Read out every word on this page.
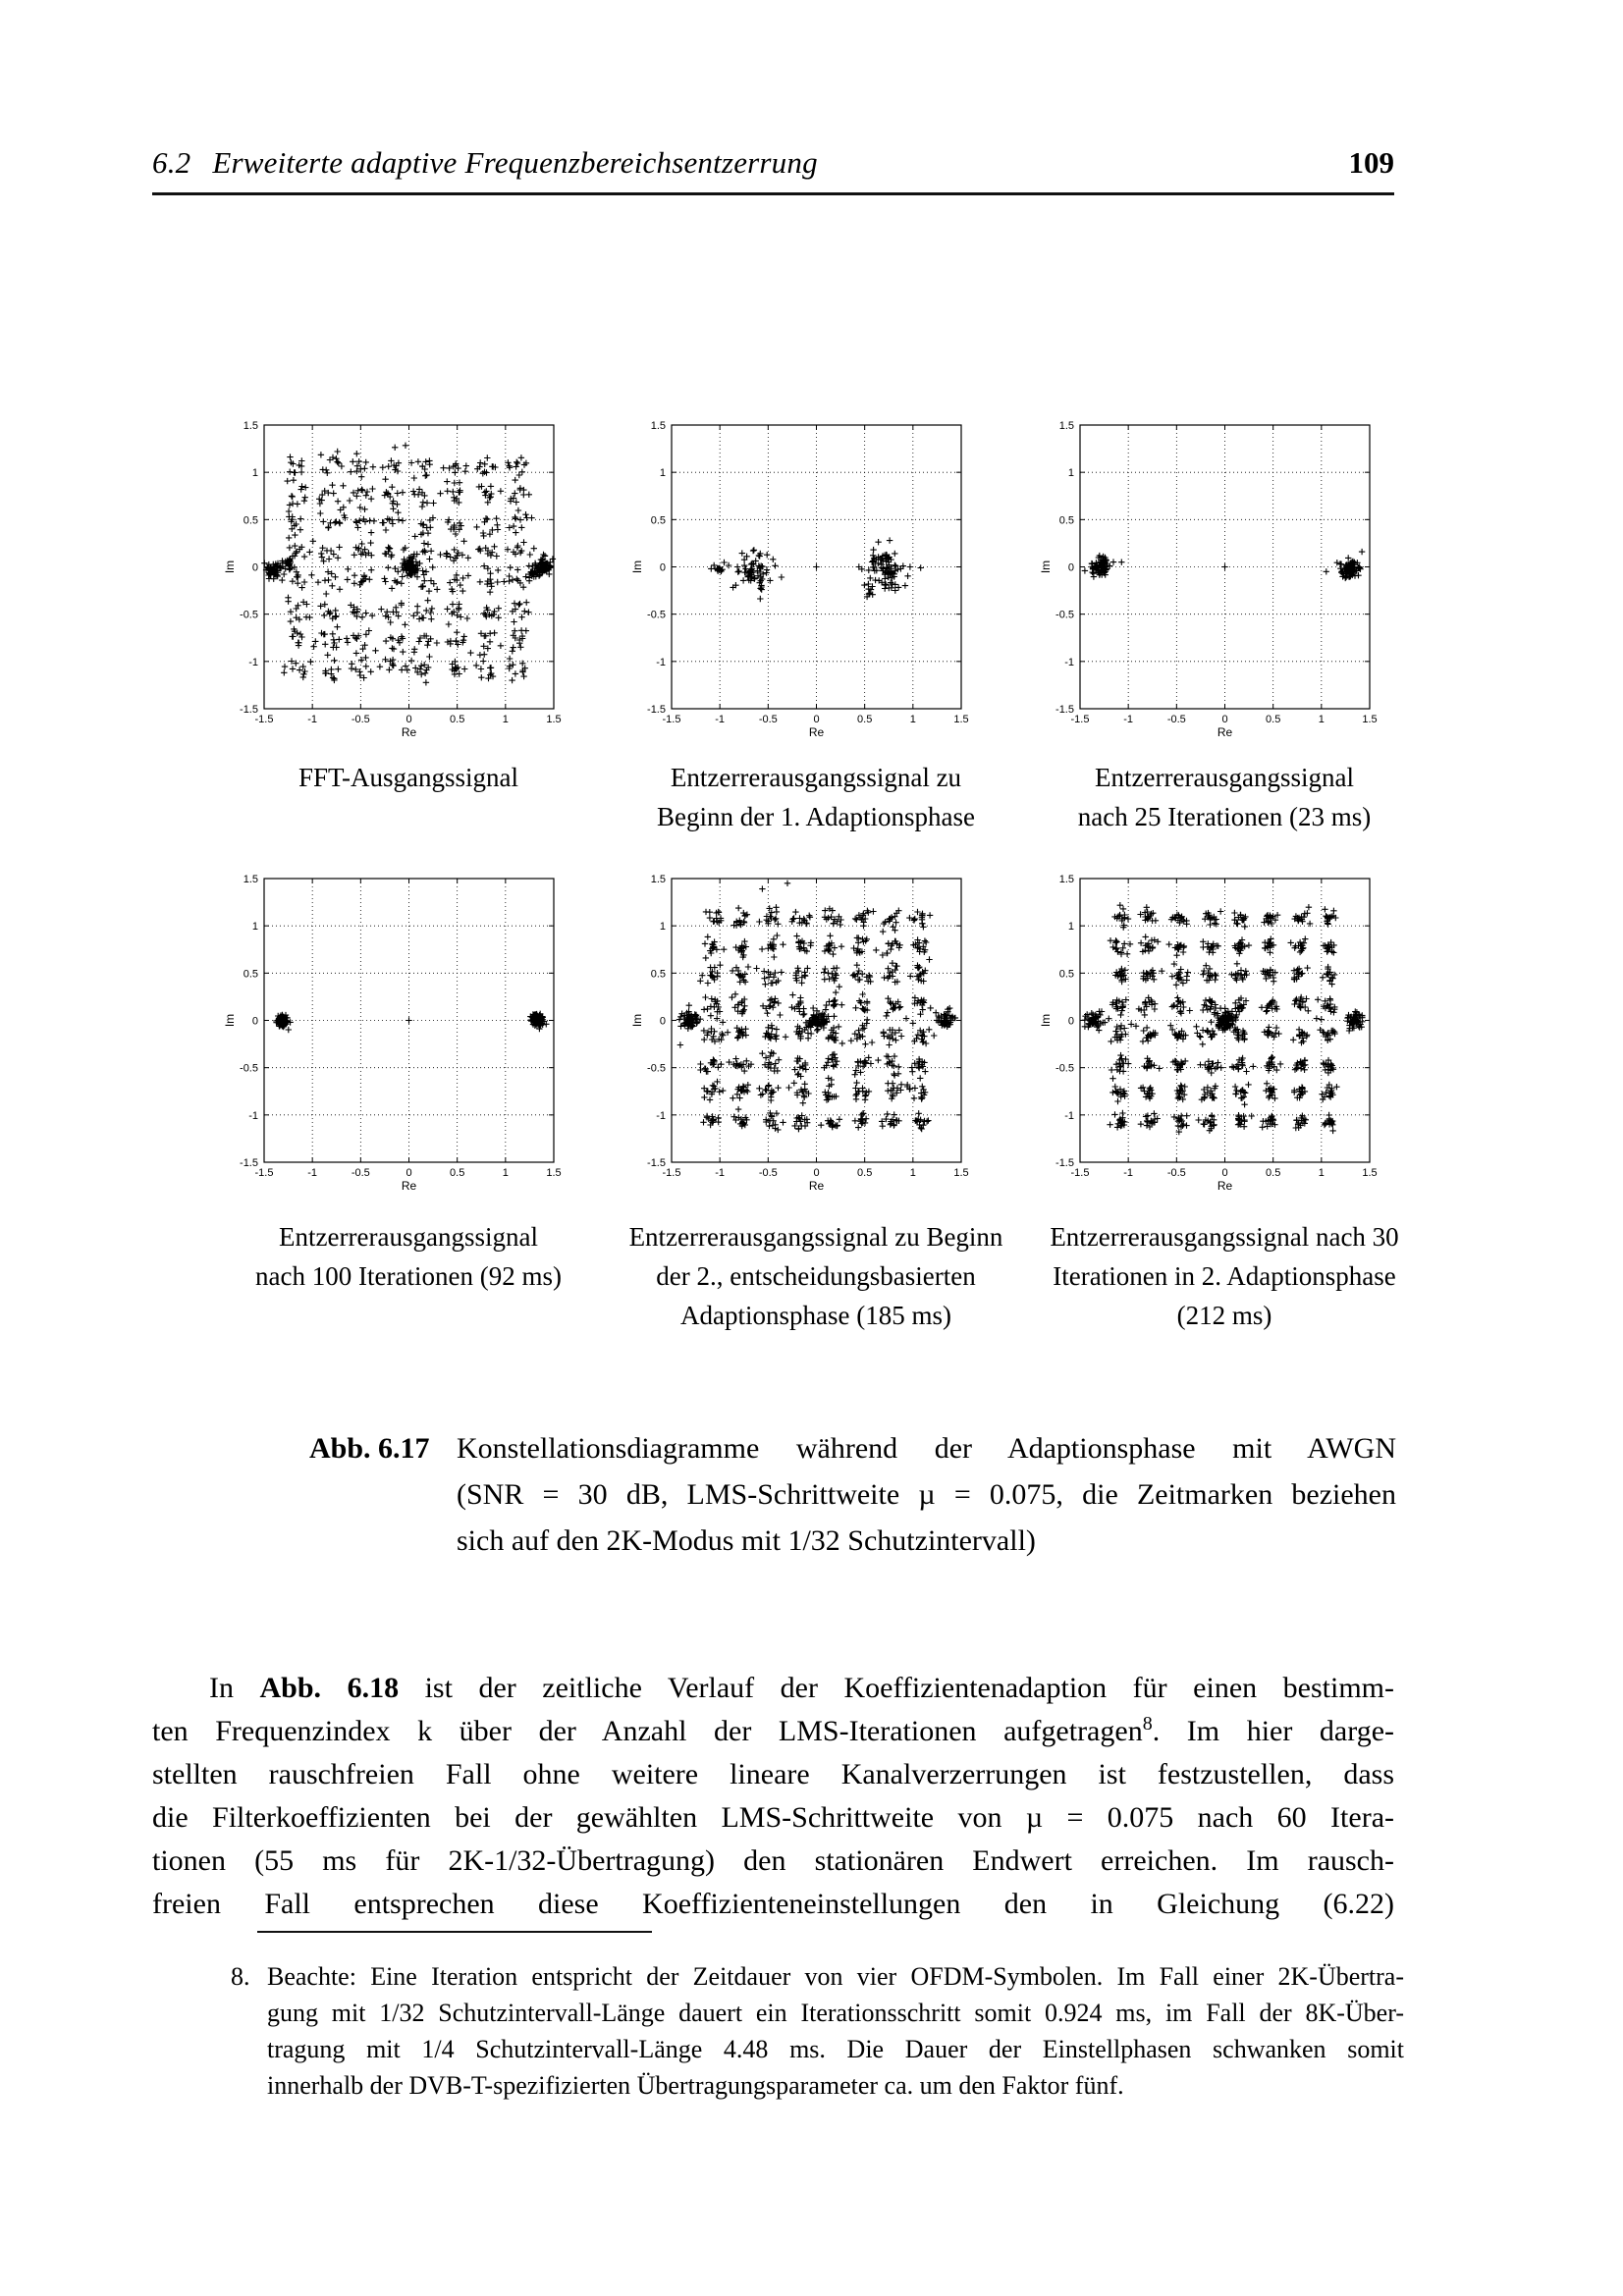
6.2 Erweiterte adaptive Frequenzbereichsentzerrung	109
-1.5
-1.5
-1
-1
-0.5
-0.5
0
0
0.5
0.5
1
1
1.5
1.5
Re
Im
FFT-Ausgangssignal
-1.5
-1.5
-1
-1
-0.5
-0.5
0
0
0.5
0.5
1
1
1.5
1.5
Re
Im
Entzerrerausgangssignal zu
Beginn der 1. Adaptionsphase
-1.5
-1.5
-1
-1
-0.5
-0.5
0
0
0.5
0.5
1
1
1.5
1.5
Re
Im
Entzerrerausgangssignal
nach 25 Iterationen (23 ms)
-1.5
-1.5
-1
-1
-0.5
-0.5
0
0
0.5
0.5
1
1
1.5
1.5
Re
Im
Entzerrerausgangssignal
nach 100 Iterationen (92 ms)
-1.5
-1.5
-1
-1
-0.5
-0.5
0
0
0.5
0.5
1
1
1.5
1.5
Re
Im
Entzerrerausgangssignal zu Beginn
der 2., entscheidungsbasierten
Adaptionsphase (185 ms)
-1.5
-1.5
-1
-1
-0.5
-0.5
0
0
0.5
0.5
1
1
1.5
1.5
Re
Im
Entzerrerausgangssignal nach 30
Iterationen in 2. Adaptionsphase
(212 ms)
Abb. 6.17 Konstellationsdiagramme während der Adaptionsphase mit AWGN
(SNR = 30 dB, LMS-Schrittweite µ = 0.075, die Zeitmarken beziehen
sich auf den 2K-Modus mit 1/32 Schutzintervall)
In Abb. 6.18 ist der zeitliche Verlauf der Koeffizientenadaption für einen bestimm-
ten Frequenzindex k über der Anzahl der LMS-Iterationen aufgetragen$^8$. Im hier darge-
stellten rauschfreien Fall ohne weitere lineare Kanalverzerrungen ist festzustellen, dass
die Filterkoeffizienten bei der gewählten LMS-Schrittweite von µ = 0.075 nach 60 Itera-
tionen (55 ms für 2K-1/32-Übertragung) den stationären Endwert erreichen. Im rausch-
freien Fall entsprechen diese Koeffizienteneinstellungen den in Gleichung (6.22)
8. Beachte: Eine Iteration entspricht der Zeitdauer von vier OFDM-Symbolen. Im Fall einer 2K-Übertra-
gung mit 1/32 Schutzintervall-Länge dauert ein Iterationsschritt somit 0.924 ms, im Fall der 8K-Über-
tragung mit 1/4 Schutzintervall-Länge 4.48 ms. Die Dauer der Einstellphasen schwanken somit
innerhalb der DVB-T-spezifizierten Übertragungsparameter ca. um den Faktor fünf.
